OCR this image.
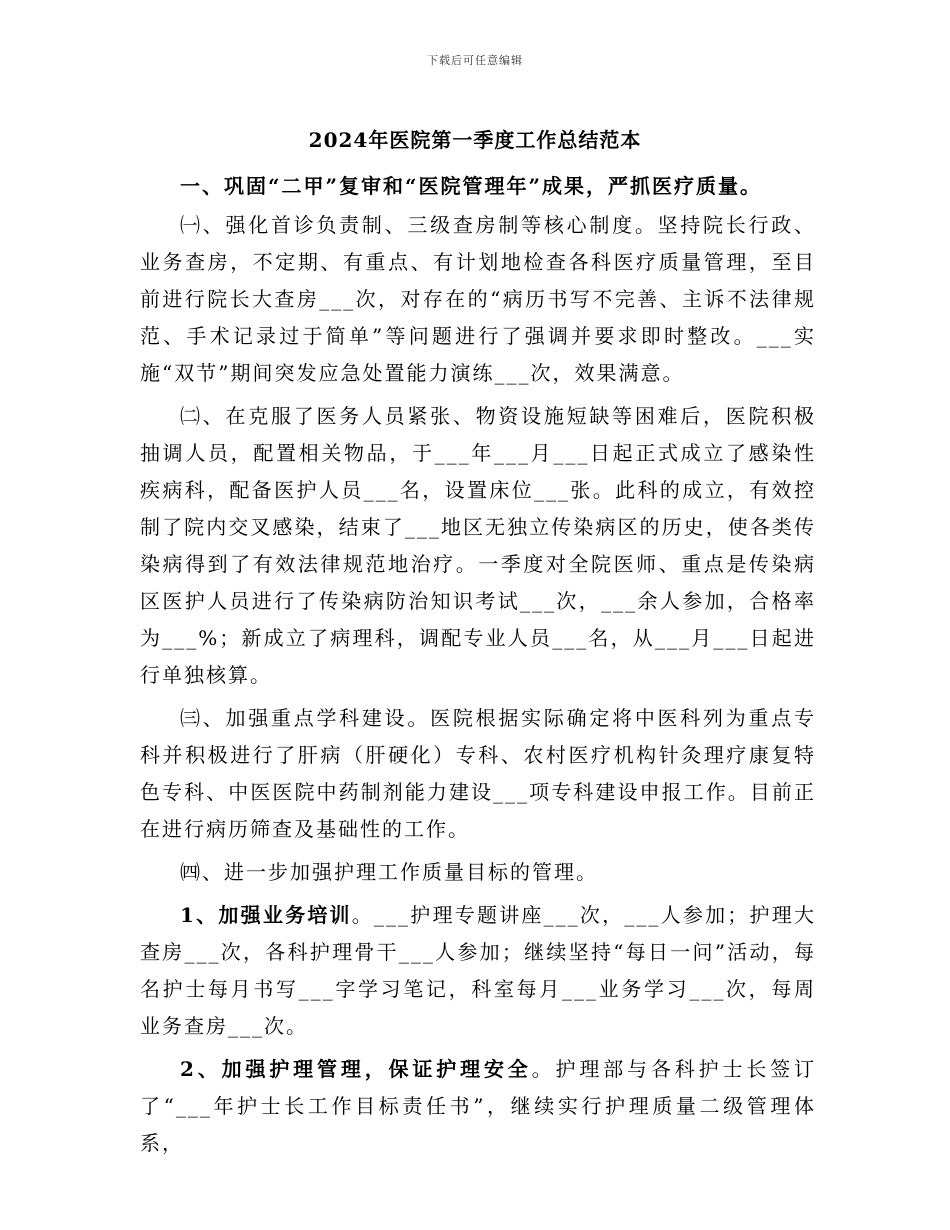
下载后可任意编辑
2024年医院第一季度工作总结范本

一、巩固“二甲”复审和“医院管理年”成果，严抓医疗质量。

㈠、强化首诊负责制、三级查房制等核心制度。坚持院长行政、业务查房，不定期、有重点、有计划地检查各科医疗质量管理，至目前进行院长大查房___次，对存在的“病历书写不完善、主诉不法律规范、手术记录过于简单”等问题进行了强调并要求即时整改。___实施“双节”期间突发应急处置能力演练___次，效果满意。

㈡、在克服了医务人员紧张、物资设施短缺等困难后，医院积极抽调人员，配置相关物品，于___年___月___日起正式成立了感染性疾病科，配备医护人员___名，设置床位___张。此科的成立，有效控制了院内交叉感染，结束了___地区无独立传染病区的历史，使各类传染病得到了有效法律规范地治疗。一季度对全院医师、重点是传染病区医护人员进行了传染病防治知识考试___次，___余人参加，合格率为___%；新成立了病理科，调配专业人员___名，从___月___日起进行单独核算。

㈢、加强重点学科建设。医院根据实际确定将中医科列为重点专科并积极进行了肝病（肝硬化）专科、农村医疗机构针灸理疗康复特色专科、中医医院中药制剂能力建设___项专科建设申报工作。目前正在进行病历筛查及基础性的工作。

㈣、进一步加强护理工作质量目标的管理。

1、加强业务培训。___护理专题讲座___次，___人参加；护理大查房___次，各科护理骨干___人参加；继续坚持“每日一问”活动，每名护士每月书写___字学习笔记，科室每月___业务学习___次，每周业务查房___次。

2、加强护理管理，保证护理安全。护理部与各科护士长签订了“___年护士长工作目标责任书”，继续实行护理质量二级管理体系，
